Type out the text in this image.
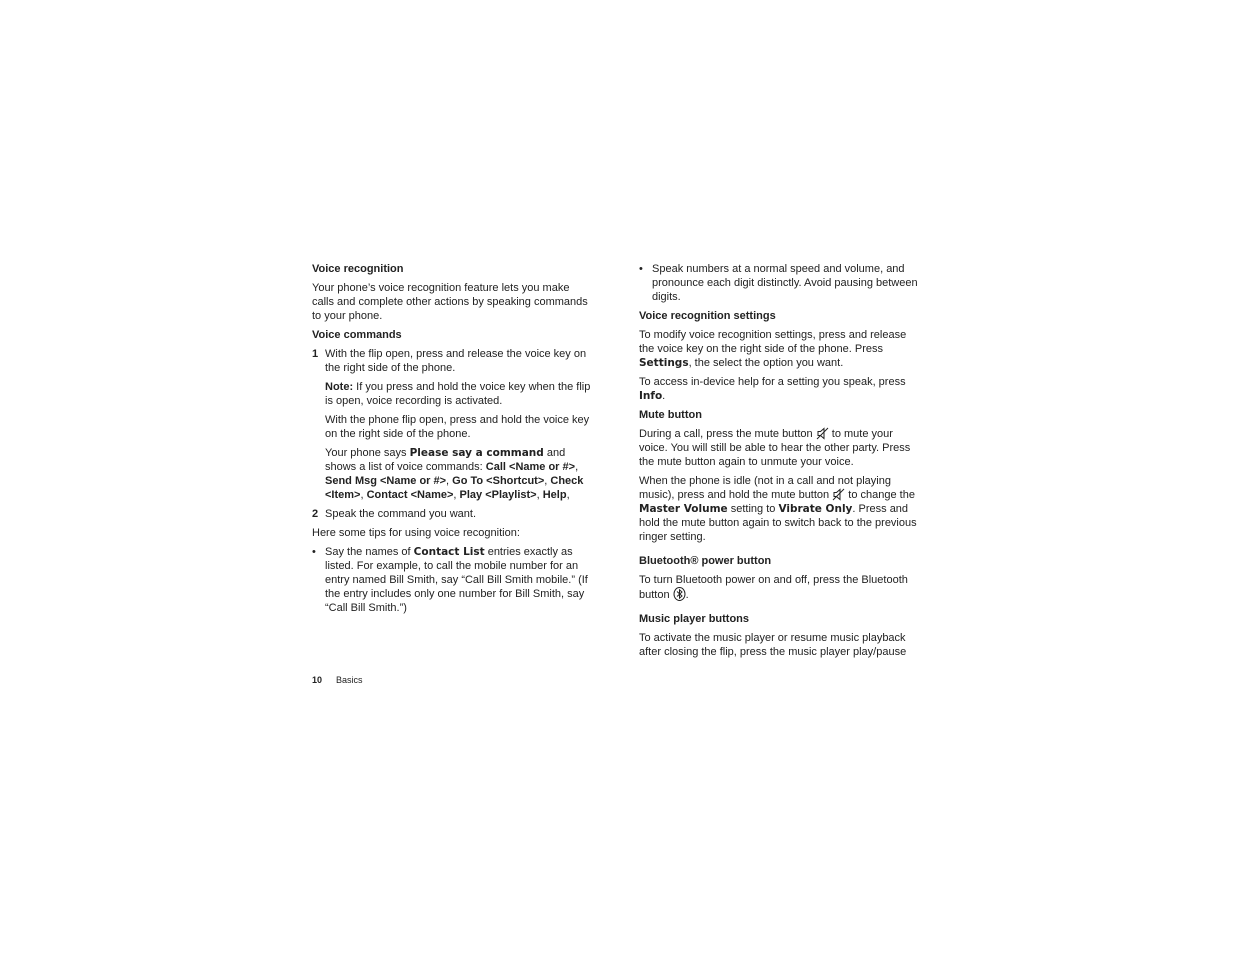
Voice recognition

Your phone’s voice recognition feature lets you make calls and complete other actions by speaking commands to your phone.

Voice commands
1 With the flip open, press and release the voice key on the right side of the phone.

Note: If you press and hold the voice key when the flip is open, voice recording is activated.

With the phone flip open, press and hold the voice key on the right side of the phone.

Your phone says Please say a command and shows a list of voice commands: Call <Name or #>, Send Msg <Name or #>, Go To <Shortcut>, Check <Item>, Contact <Name>, Play <Playlist>, Help,

2 Speak the command you want.

Here some tips for using voice recognition:

• Say the names of Contact List entries exactly as listed. For example, to call the mobile number for an entry named Bill Smith, say “Call Bill Smith mobile.” (If the entry includes only one number for Bill Smith, say “Call Bill Smith.”)
• Speak numbers at a normal speed and volume, and pronounce each digit distinctly. Avoid pausing between digits.
Voice recognition settings

To modify voice recognition settings, press and release the voice key on the right side of the phone. Press Settings, the select the option you want.

To access in-device help for a setting you speak, press Info.

Mute button

During a call, press the mute button  to mute your voice. You will still be able to hear the other party. Press the mute button again to unmute your voice.

When the phone is idle (not in a call and not playing music), press and hold the mute button  to change the Master Volume setting to Vibrate Only. Press and hold the mute button again to switch back to the previous ringer setting.

Bluetooth® power button

To turn Bluetooth power on and off, press the Bluetooth button .

Music player buttons

To activate the music player or resume music playback after closing the flip, press the music player play/pause

10 Basics
